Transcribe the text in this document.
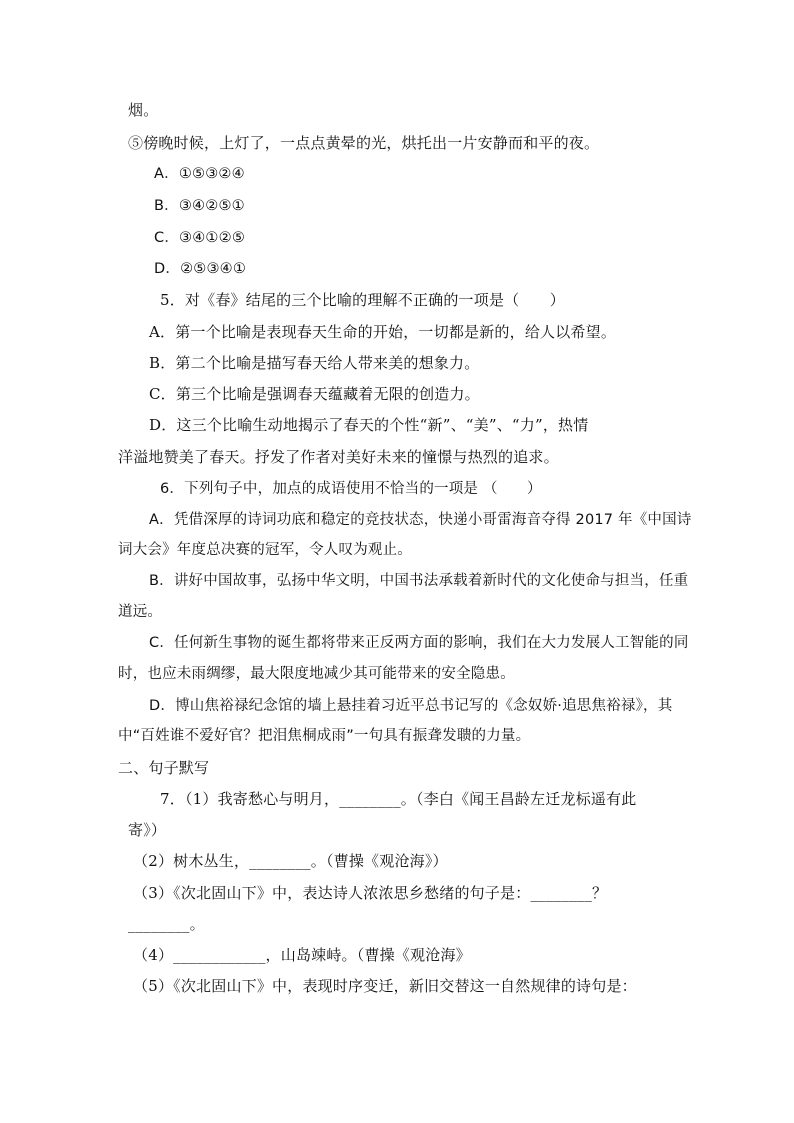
烟。
⑤傍晚时候，上灯了，一点点黄晕的光，烘托出一片安静而和平的夜。
A．①⑤③②④
B．③④②⑤①
C．③④①②⑤
D．②⑤③④①
5．对《春》结尾的三个比喻的理解不正确的一项是（　　）
A．第一个比喻是表现春天生命的开始，一切都是新的，给人以希望。
B．第二个比喻是描写春天给人带来美的想象力。
C．第三个比喻是强调春天蕴藏着无限的创造力。
D．这三个比喻生动地揭示了春天的个性“新”、“美”、“力”，热情
洋溢地赞美了春天。抒发了作者对美好未来的憧憬与热烈的追求。
6．下列句子中，加点的成语使用不恰当的一项是 （　　）
A．凭借深厚的诗词功底和稳定的竞技状态，快递小哥雷海音夺得 2017 年《中国诗
词大会》年度总决赛的冠军，令人叹为观止。
B．讲好中国故事，弘扬中华文明，中国书法承载着新时代的文化使命与担当，任重
道远。
C．任何新生事物的诞生都将带来正反两方面的影响，我们在大力发展人工智能的同
时，也应未雨绸缪，最大限度地减少其可能带来的安全隐患。
D．博山焦裕禄纪念馆的墙上悬挂着习近平总书记写的《念奴娇·追思焦裕禄》，其
中“百姓谁不爱好官？把泪焦桐成雨”一句具有振聋发聩的力量。
二、句子默写
7．（1）我寄愁心与明月，________。（李白《闻王昌龄左迁龙标遥有此
寄》）
（2）树木丛生，________。（曹操《观沧海》）
（3）《次北固山下》中，表达诗人浓浓思乡愁绪的句子是：________？
________。
（4）____________，山岛竦峙。（曹操《观沧海》
（5）《次北固山下》中，表现时序变迁，新旧交替这一自然规律的诗句是：
